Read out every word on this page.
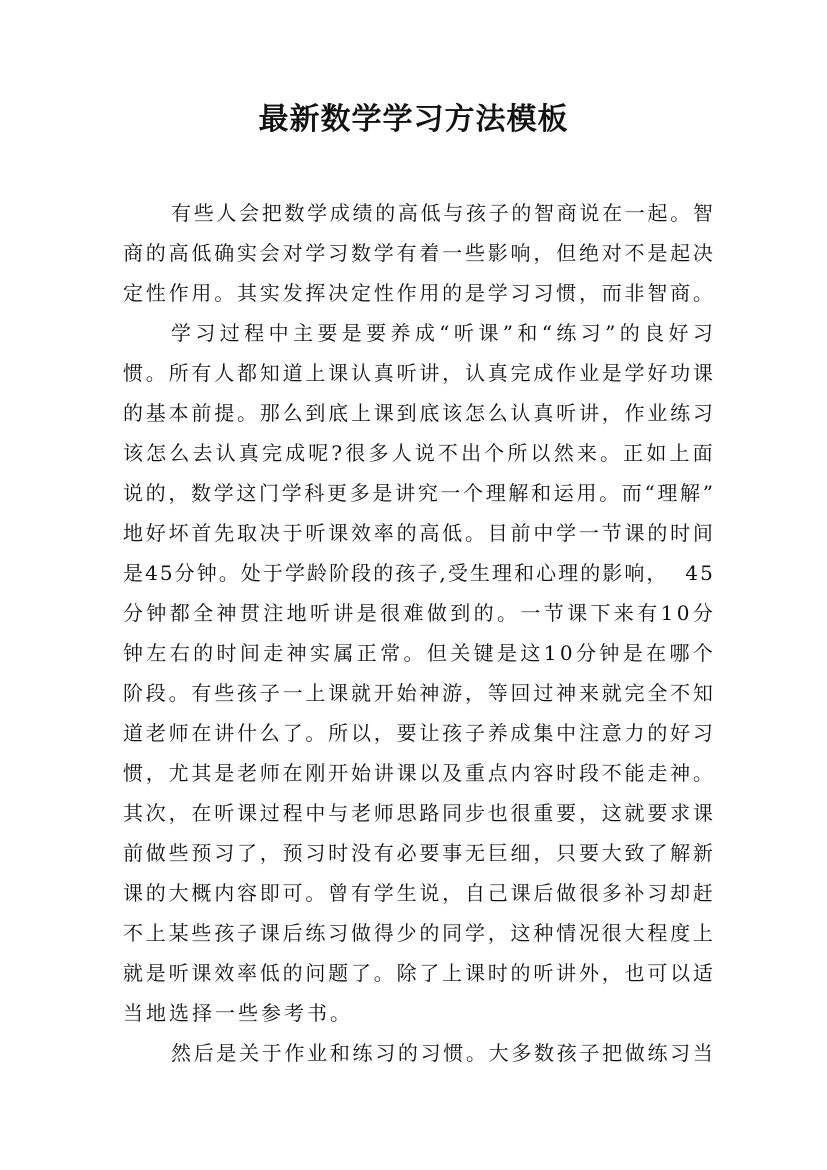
最新数学学习方法模板
有 些 人 会 把 数 学 成 绩 的 高 低 与 孩 子 的 智 商 说 在 一 起 。 智
商 的 高 低 确 实 会 对 学 习 数 学 有 着 一 些 影 响 ， 但 绝 对 不 是 起 决
定 性 作 用 。 其 实 发 挥 决 定 性 作 用 的 是 学 习 习 惯 ， 而 非 智 商 。
学 习 过 程 中 主 要 是 要 养 成 “ 听 课 ” 和 “ 练 习 ” 的 良 好 习
惯 。 所 有 人 都 知 道 上 课 认 真 听 讲 ， 认 真 完 成 作 业 是 学 好 功 课
的 基 本 前 提 。 那 么 到 底 上 课 到 底 该 怎 么 认 真 听 讲 ， 作 业 练 习
该 怎 么 去 认 真 完 成 呢 ? 很 多 人 说 不 出 个 所 以 然 来 。 正 如 上 面
说 的 ， 数 学 这 门 学 科 更 多 是 讲 究 一 个 理 解 和 运 用 。 而 “ 理 解 ”
地 好 坏 首 先 取 决 于 听 课 效 率 的 高 低 。 目 前 中 学 一 节 课 的 时 间
是 4 5 分 钟 。 处 于 学 龄 阶 段 的 孩 子 , 受 生 理 和 心 理 的 影 响 ，

4 5
分 钟 都 全 神 贯 注 地 听 讲 是 很 难 做 到 的 。 一 节 课 下 来 有 1 0 分
钟 左 右 的 时 间 走 神 实 属 正 常 。 但 关 键 是 这 1 0 分 钟 是 在 哪 个
阶 段 。 有 些 孩 子 一 上 课 就 开 始 神 游 ， 等 回 过 神 来 就 完 全 不 知
道 老 师 在 讲 什 么 了 。 所 以 ， 要 让 孩 子 养 成 集 中 注 意 力 的 好 习
惯 ， 尤 其 是 老 师 在 刚 开 始 讲 课 以 及 重 点 内 容 时 段 不 能 走 神 。
其 次 ， 在 听 课 过 程 中 与 老 师 思 路 同 步 也 很 重 要 ， 这 就 要 求 课
前 做 些 预 习 了 ， 预 习 时 没 有 必 要 事 无 巨 细 ， 只 要 大 致 了 解 新
课 的 大 概 内 容 即 可 。 曾 有 学 生 说 ， 自 己 课 后 做 很 多 补 习 却 赶
不 上 某 些 孩 子 课 后 练 习 做 得 少 的 同 学 ， 这 种 情 况 很 大 程 度 上
就 是 听 课 效 率 低 的 问 题 了 。 除 了 上 课 时 的 听 讲 外 ， 也 可 以 适
当地选择一些参考书。
然 后 是 关 于 作 业 和 练 习 的 习 惯 。 大 多 数 孩 子 把 做 练 习 当
